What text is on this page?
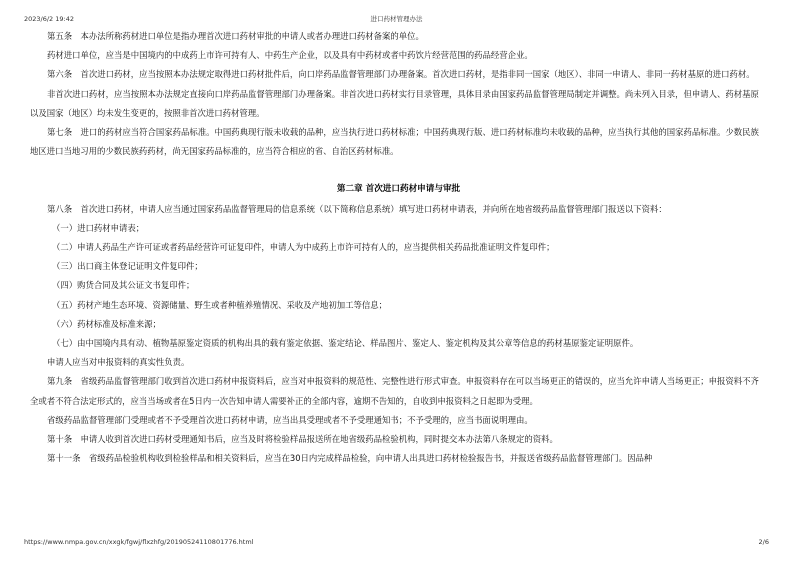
2023/6/2 19:42	进口药材管理办法

第五条　本办法所称药材进口单位是指办理首次进口药材审批的申请人或者办理进口药材备案的单位。

药材进口单位，应当是中国境内的中成药上市许可持有人、中药生产企业，以及具有中药材或者中药饮片经营范围的药品经营企业。

第六条　首次进口药材，应当按照本办法规定取得进口药材批件后，向口岸药品监督管理部门办理备案。首次进口药材，是指非同一国家（地区）、非同一申请人、非同一药材基原的进口药材。

非首次进口药材，应当按照本办法规定直接向口岸药品监督管理部门办理备案。非首次进口药材实行目录管理，具体目录由国家药品监督管理局制定并调整。尚未列入目录，但申请人、药材基原以及国家（地区）均未发生变更的，按照非首次进口药材管理。

第七条　进口的药材应当符合国家药品标准。中国药典现行版未收载的品种，应当执行进口药材标准；中国药典现行版、进口药材标准均未收载的品种，应当执行其他的国家药品标准。少数民族地区进口当地习用的少数民族药药材，尚无国家药品标准的，应当符合相应的省、自治区药材标准。

第二章 首次进口药材申请与审批

第八条　首次进口药材，申请人应当通过国家药品监督管理局的信息系统（以下简称信息系统）填写进口药材申请表，并向所在地省级药品监督管理部门报送以下资料：

（一）进口药材申请表；

（二）申请人药品生产许可证或者药品经营许可证复印件，申请人为中成药上市许可持有人的，应当提供相关药品批准证明文件复印件；

（三）出口商主体登记证明文件复印件；

（四）购货合同及其公证文书复印件；

（五）药材产地生态环境、资源储量、野生或者种植养殖情况、采收及产地初加工等信息；

（六）药材标准及标准来源；

（七）由中国境内具有动、植物基原鉴定资质的机构出具的载有鉴定依据、鉴定结论、样品图片、鉴定人、鉴定机构及其公章等信息的药材基原鉴定证明原件。

申请人应当对申报资料的真实性负责。

第九条　省级药品监督管理部门收到首次进口药材申报资料后，应当对申报资料的规范性、完整性进行形式审查。申报资料存在可以当场更正的错误的，应当允许申请人当场更正；申报资料不齐全或者不符合法定形式的，应当当场或者在5日内一次告知申请人需要补正的全部内容，逾期不告知的，自收到申报资料之日起即为受理。

省级药品监督管理部门受理或者不予受理首次进口药材申请，应当出具受理或者不予受理通知书；不予受理的，应当书面说明理由。

第十条　申请人收到首次进口药材受理通知书后，应当及时将检验样品报送所在地省级药品检验机构，同时提交本办法第八条规定的资料。

第十一条　省级药品检验机构收到检验样品和相关资料后，应当在30日内完成样品检验，向申请人出具进口药材检验报告书，并报送省级药品监督管理部门。因品种

https://www.nmpa.gov.cn/xxgk/fgwj/flxzhfg/20190524110801776.html	2/6
